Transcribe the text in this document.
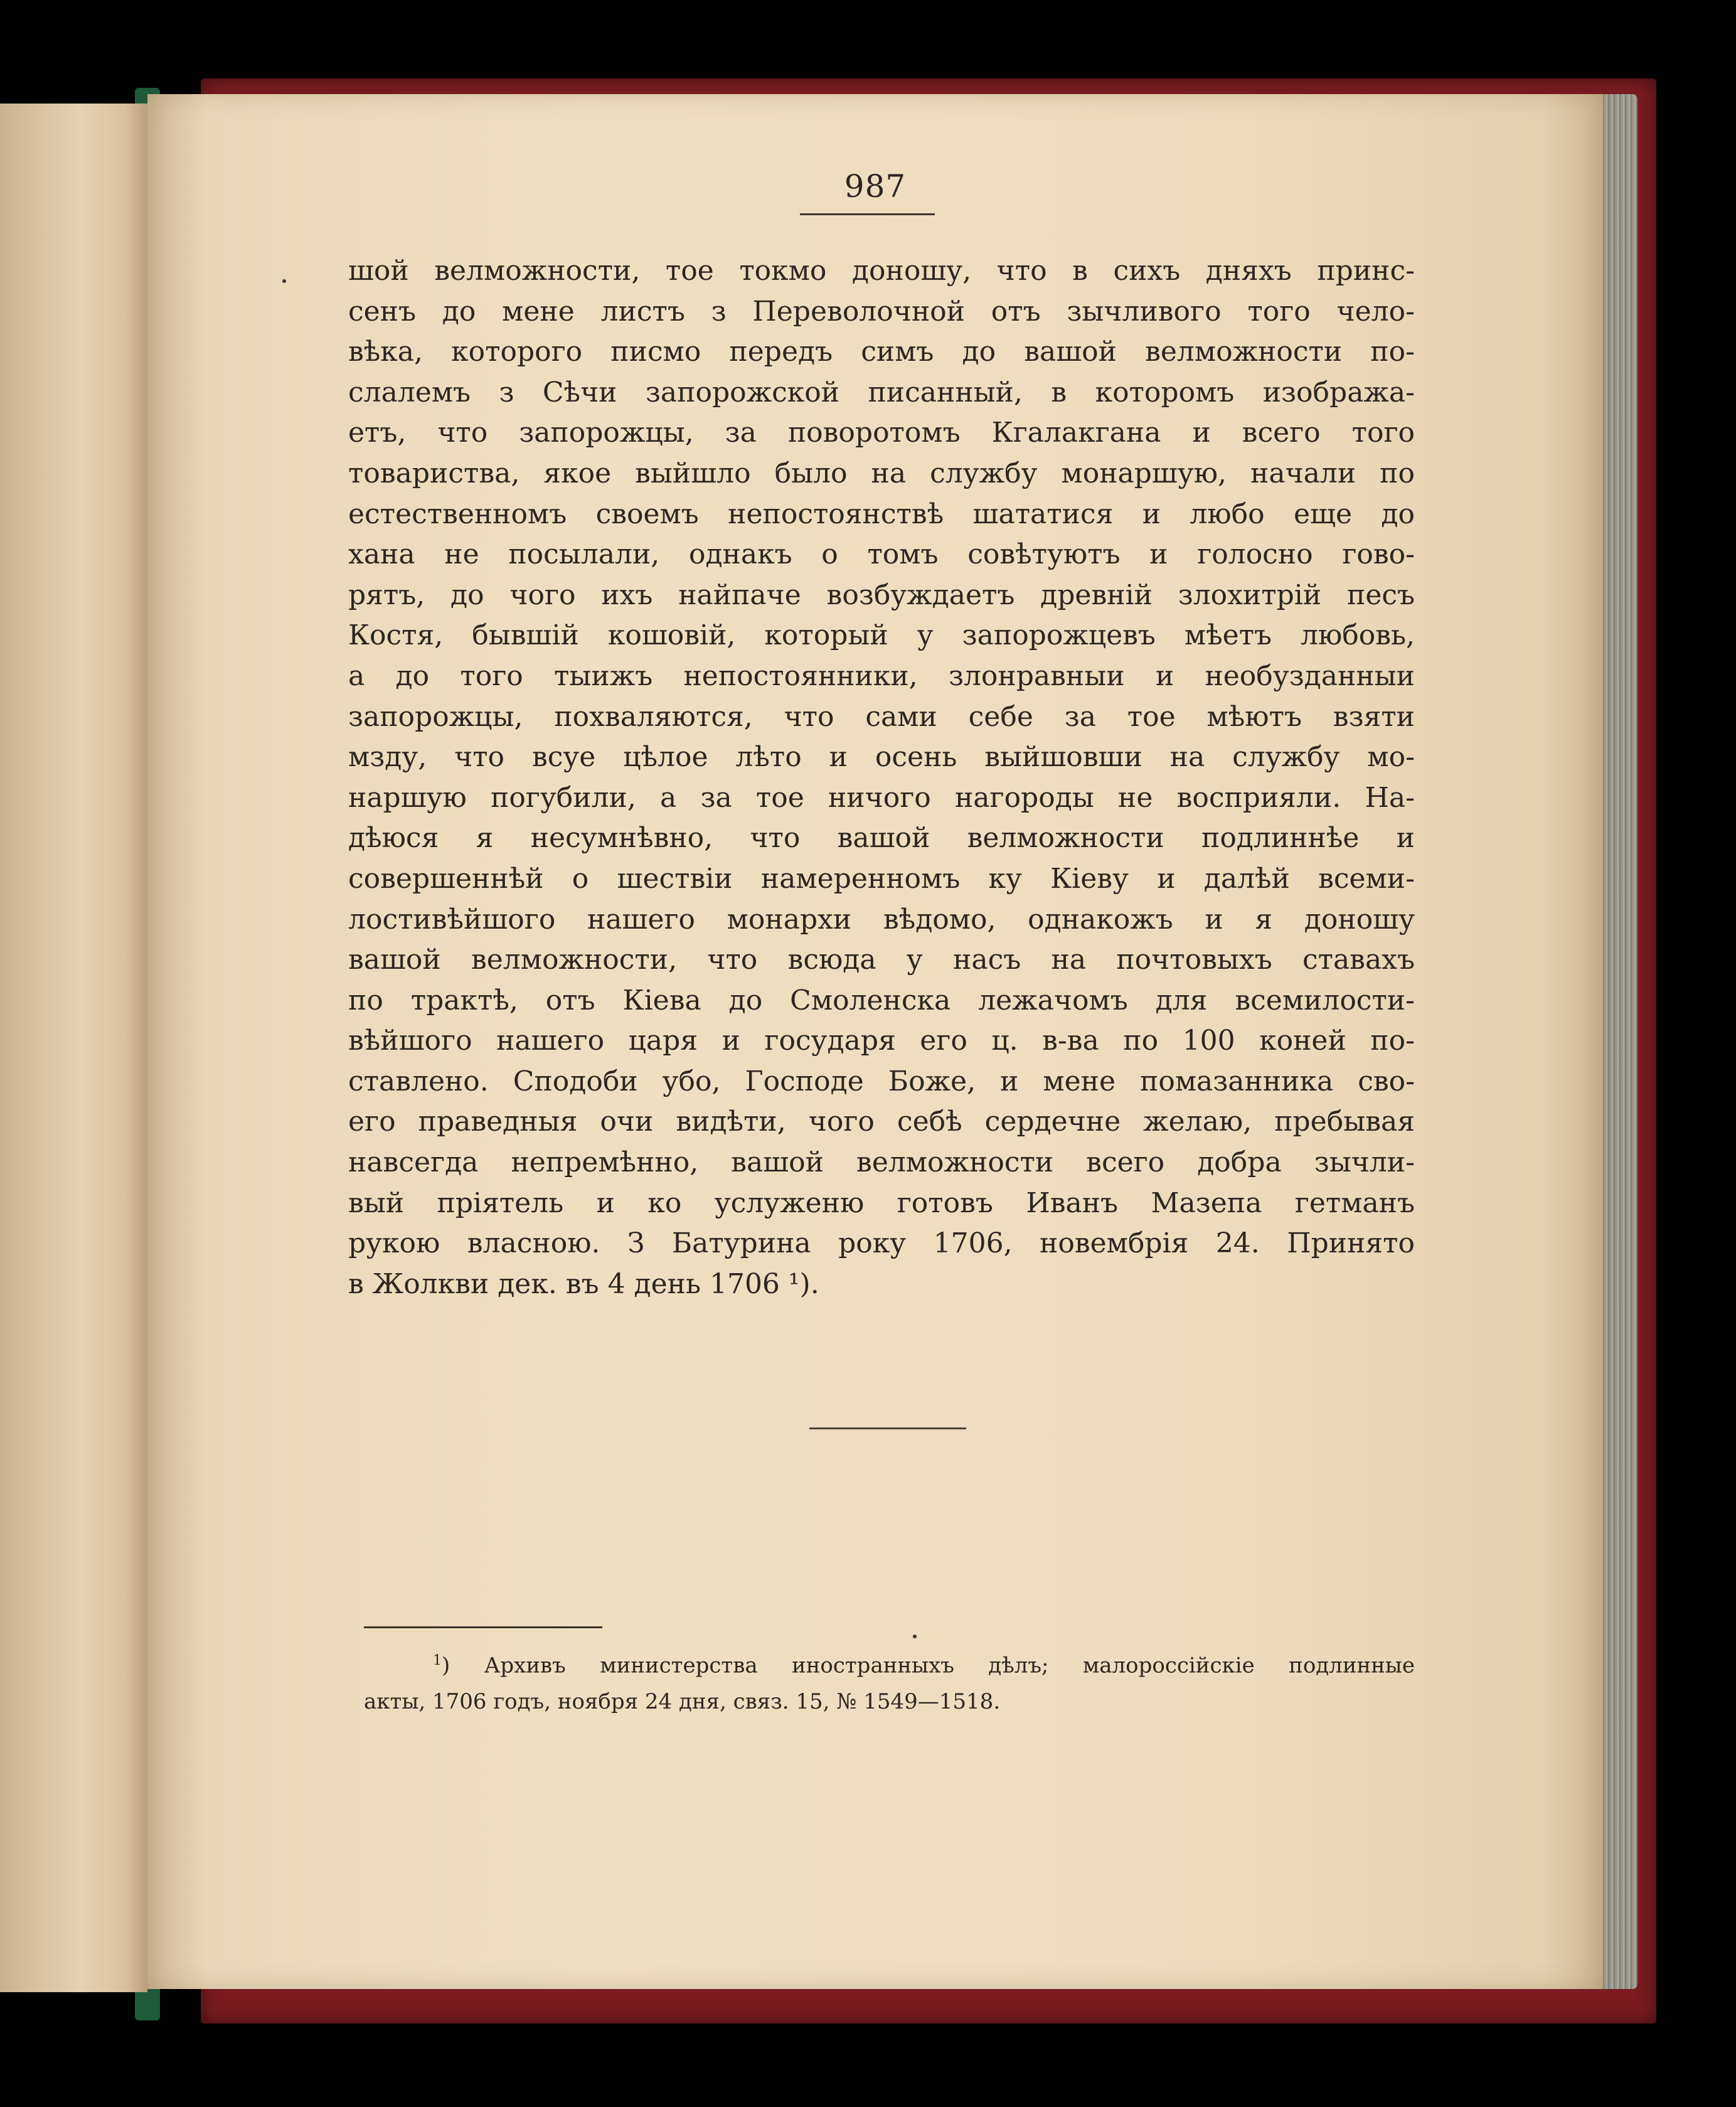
987
шой велможности, тое токмо доношу, что в сихъ дняхъ принс-
сенъ до мене листъ з Переволочной отъ зычливого того чело-
вѣка, которого писмо передъ симъ до вашой велможности по-
слалемъ з Сѣчи запорожской писанный, в которомъ изобража-
етъ, что запорожцы, за поворотомъ Кгалакгана и всего того
товариства, якое выйшло было на службу монаршую, начали по
естественномъ своемъ непостоянствѣ шататися и любо еще до
хана не посылали, однакъ о томъ совѣтуютъ и голосно гово-
рятъ, до чого ихъ найпаче возбуждаетъ древній злохитрій песъ
Костя, бывшій кошовій, который у запорожцевъ мѣетъ любовь,
а до того тыижъ непостоянники, злонравныи и необузданныи
запорожцы, похваляются, что сами себе за тое мѣютъ взяти
мзду, что всуе цѣлое лѣто и осень выйшовши на службу мо-
наршую погубили, а за тое ничого нагороды не восприяли. На-
дѣюся я несумнѣвно, что вашой велможности подлиннѣе и
совершеннѣй о шествіи намеренномъ ку Кіеву и далѣй всеми-
лостивѣйшого нашего монархи вѣдомо, однакожъ и я доношу
вашой велможности, что всюда у насъ на почтовыхъ ставахъ
по трактѣ, отъ Кіева до Смоленска лежачомъ для всемилости-
вѣйшого нашего царя и государя его ц. в-ва по 100 коней по-
ставлено. Сподоби убо, Господе Боже, и мене помазанника сво-
его праведныя очи видѣти, чого себѣ сердечне желаю, пребывая
навсегда непремѣнно, вашой велможности всего добра зычли-
вый пріятель и ко услуженю готовъ Иванъ Мазепа гетманъ
рукою власною. З Батурина року 1706, новембрія 24. Принято
в Жолкви дек. въ 4 день 1706 ¹).
$^1$) Архивъ министерства иностранныхъ дѣлъ; малороссійскіе подлинные
акты, 1706 годъ, ноября 24 дня, связ. 15, № 1549—1518.
